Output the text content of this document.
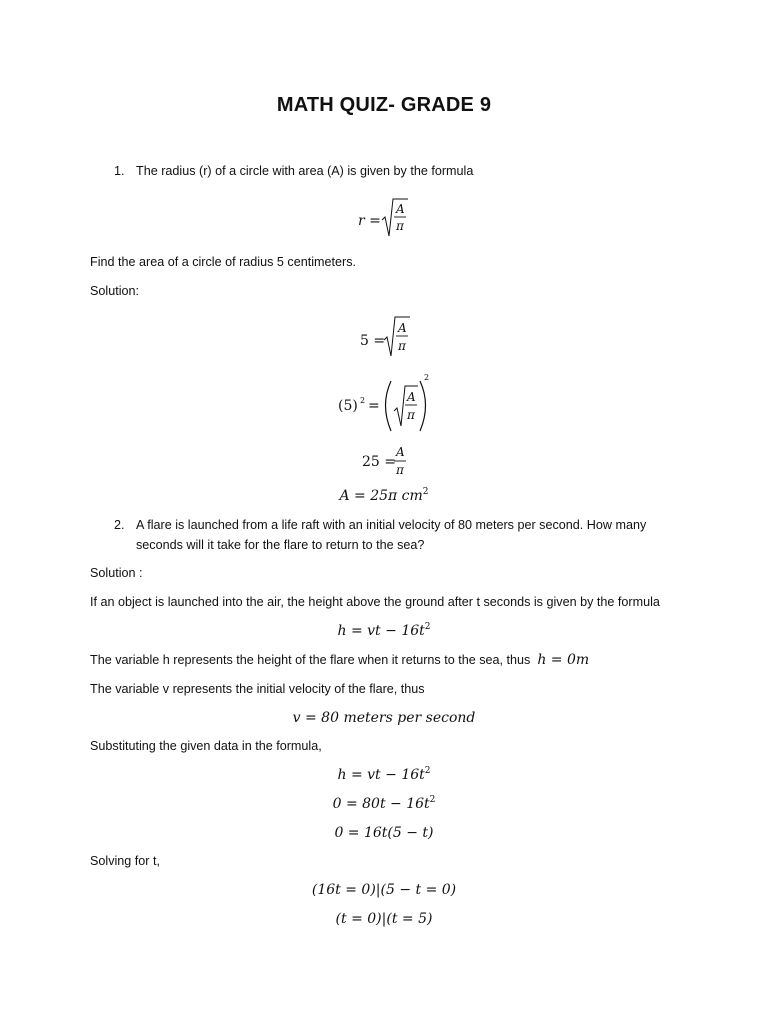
MATH QUIZ- GRADE 9
1. The radius (r) of a circle with area (A) is given by the formula
r =
A
π
Find the area of a circle of radius 5 centimeters.
Solution:
5 =
A
π
(5) 2 =
A
π
2
25 =
A
π
A = 25π $cm^2$
2. A flare is launched from a life raft with an initial velocity of 80 meters per second. How many
seconds will it take for the flare to return to the sea?
Solution :
If an object is launched into the air, the height above the ground after t seconds is given by the formula
h = vt − $16t^2$
The variable h represents the height of the flare when it returns to the sea, thus h = 0m
The variable v represents the initial velocity of the flare, thus
v = 80 meters per second
Substituting the given data in the formula,
h = vt − $16t^2$
$0 = 80t - 16t^2$
0 = 16t(5 − t)
Solving for t,
(16t = 0)|(5 − t = 0)
(t = 0)|(t = 5)
